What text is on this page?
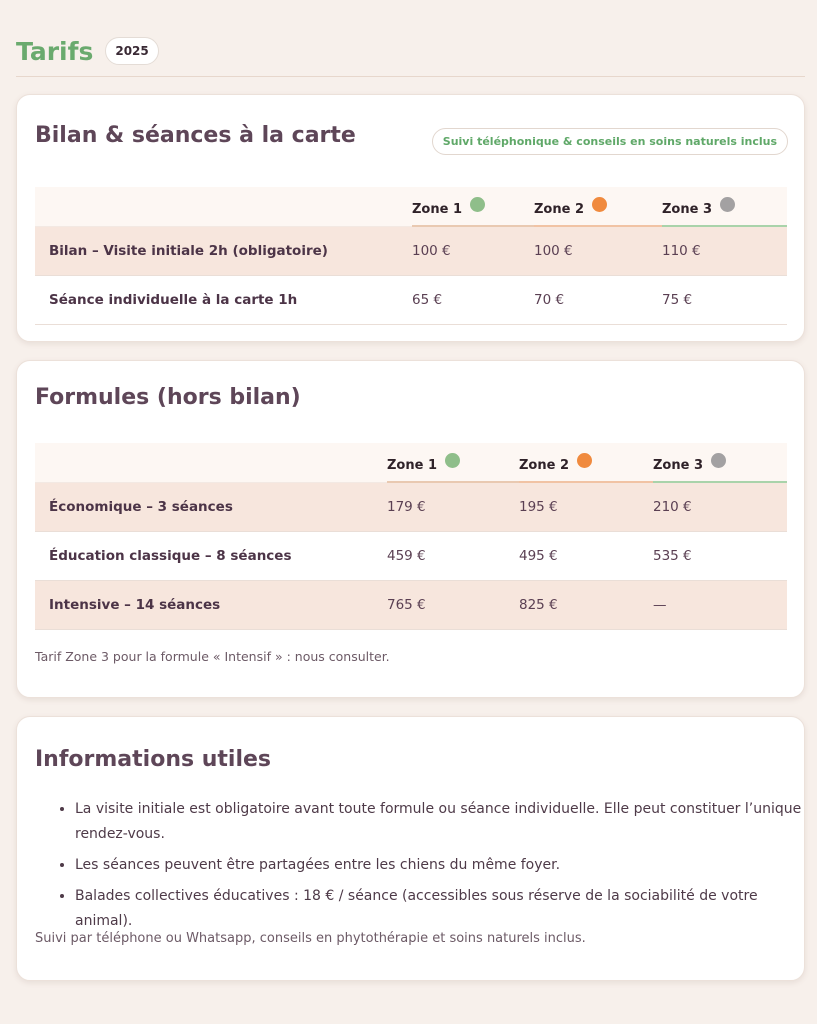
Tarifs	2025
Bilan & séances à la carte	Suivi téléphonique & conseils en soins naturels inclus
	Zone 1	Zone 2	Zone 3
Bilan – Visite initiale 2h (obligatoire)	100 €	100 €	110 €
Séance individuelle à la carte 1h	65 €	70 €	75 €
Formules (hors bilan)
	Zone 1	Zone 2	Zone 3
Économique – 3 séances	179 €	195 €	210 €
Éducation classique – 8 séances	459 €	495 €	535 €
Intensive – 14 séances	765 €	825 €	—
Tarif Zone 3 pour la formule « Intensif » : nous consulter.
Informations utiles
• La visite initiale est obligatoire avant toute formule ou séance individuelle. Elle peut constituer l’unique rendez-vous.
• Les séances peuvent être partagées entre les chiens du même foyer.
• Balades collectives éducatives : 18 € / séance (accessibles sous réserve de la sociabilité de votre animal).
Suivi par téléphone ou Whatsapp, conseils en phytothérapie et soins naturels inclus.
